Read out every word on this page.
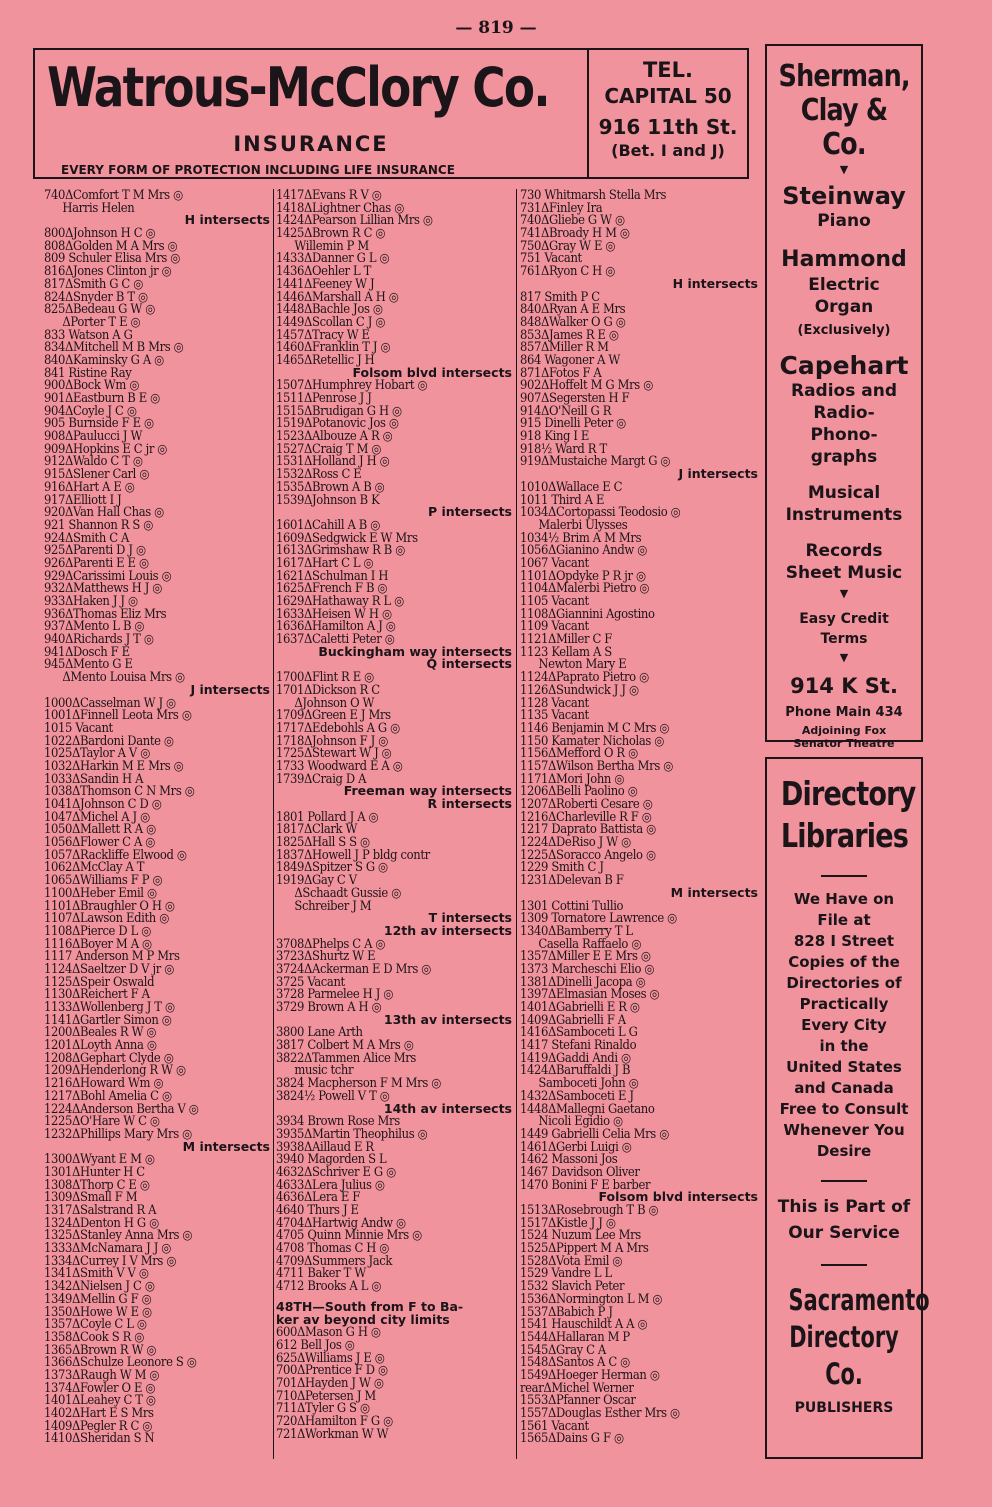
— 819 —
Watrous-McClory Co.
INSURANCE
EVERY FORM OF PROTECTION INCLUDING LIFE INSURANCE
TEL.
CAPITAL 50
916 11th St.
(Bet. I and J)
Sherman,
Clay & Co.
▼
Steinway
Piano
Hammond
Electric
Organ
(Exclusively)
Capehart
Radios and
Radio-
Phono-
graphs
Musical
Instruments
Records
Sheet Music
▼
Easy Credit
Terms
▼
914 K St.
Phone Main 434
Adjoining Fox
Senator Theatre
Directory
Libraries
We Have on
File at
828 I Street
Copies of the
Directories of
Practically
Every City
in the
United States
and Canada
Free to Consult
Whenever You
Desire
This is Part of
Our Service
Sacramento
Directory
Co.
PUBLISHERS
740ΔComfort T M Mrs ◎
Harris Helen
H intersects
800ΔJohnson H C ◎
808ΔGolden M A Mrs ◎
809 Schuler Elisa Mrs ◎
816ΔJones Clinton jr ◎
817ΔSmith G C ◎
824ΔSnyder B T ◎
825ΔBedeau G W ◎
ΔPorter T E ◎
833 Watson A G
834ΔMitchell M B Mrs ◎
840ΔKaminsky G A ◎
841 Ristine Ray
900ΔBock Wm ◎
901ΔEastburn B E ◎
904ΔCoyle J C ◎
905 Burnside F E ◎
908ΔPaulucci J W
909ΔHopkins E C jr ◎
912ΔWaldo C T ◎
915ΔSlener Carl ◎
916ΔHart A E ◎
917ΔElliott I J
920ΔVan Hall Chas ◎
921 Shannon R S ◎
924ΔSmith C A
925ΔParenti D J ◎
926ΔParenti E E ◎
929ΔCarissimi Louis ◎
932ΔMatthews H J ◎
933ΔHaken J J ◎
936ΔThomas Eliz Mrs
937ΔMento L B ◎
940ΔRichards J T ◎
941ΔDosch F E
945ΔMento G E
ΔMento Louisa Mrs ◎
J intersects
1000ΔCasselman W J ◎
1001ΔFinnell Leota Mrs ◎
1015 Vacant
1022ΔBardoni Dante ◎
1025ΔTaylor A V ◎
1032ΔHarkin M E Mrs ◎
1033ΔSandin H A
1038ΔThomson C N Mrs ◎
1041ΔJohnson C D ◎
1047ΔMichel A J ◎
1050ΔMallett R A ◎
1056ΔFlower C A ◎
1057ΔRackliffe Elwood ◎
1062ΔMcClay A T
1065ΔWilliams F P ◎
1100ΔHeber Emil ◎
1101ΔBraughler O H ◎
1107ΔLawson Edith ◎
1108ΔPierce D L ◎
1116ΔBoyer M A ◎
1117 Anderson M P Mrs
1124ΔSaeltzer D V jr ◎
1125ΔSpeir Oswald
1130ΔReichert F A
1133ΔWollenberg J T ◎
1141ΔGartler Simon ◎
1200ΔBeales R W ◎
1201ΔLoyth Anna ◎
1208ΔGephart Clyde ◎
1209ΔHenderlong R W ◎
1216ΔHoward Wm ◎
1217ΔBohl Amelia C ◎
1224ΔAnderson Bertha V ◎
1225ΔO'Hare W C ◎
1232ΔPhillips Mary Mrs ◎
M intersects
1300ΔWyant E M ◎
1301ΔHunter H C
1308ΔThorp C E ◎
1309ΔSmall F M
1317ΔSalstrand R A
1324ΔDenton H G ◎
1325ΔStanley Anna Mrs ◎
1333ΔMcNamara J J ◎
1334ΔCurrey I V Mrs ◎
1341ΔSmith V V ◎
1342ΔNielsen J C ◎
1349ΔMellin G F ◎
1350ΔHowe W E ◎
1357ΔCoyle C L ◎
1358ΔCook S R ◎
1365ΔBrown R W ◎
1366ΔSchulze Leonore S ◎
1373ΔRaugh W M ◎
1374ΔFowler O E ◎
1401ΔLeahey C T ◎
1402ΔHart E S Mrs
1409ΔPegler R C ◎
1410ΔSheridan S N
1417ΔEvans R V ◎
1418ΔLightner Chas ◎
1424ΔPearson Lillian Mrs ◎
1425ΔBrown R C ◎
Willemin P M
1433ΔDanner G L ◎
1436ΔOehler L T
1441ΔFeeney W J
1446ΔMarshall A H ◎
1448ΔBachle Jos ◎
1449ΔScollan C J ◎
1457ΔTracy W E
1460ΔFranklin T J ◎
1465ΔRetellic J H
Folsom blvd intersects
1507ΔHumphrey Hobart ◎
1511ΔPenrose J J
1515ΔBrudigan G H ◎
1519ΔPotanovic Jos ◎
1523ΔAlbouze A R ◎
1527ΔCraig T M ◎
1531ΔHolland J H ◎
1532ΔRoss C E
1535ΔBrown A B ◎
1539ΔJohnson B K
P intersects
1601ΔCahill A B ◎
1609ΔSedgwick E W Mrs
1613ΔGrimshaw R B ◎
1617ΔHart C L ◎
1621ΔSchulman I H
1625ΔFrench F B ◎
1629ΔHathaway R L ◎
1633ΔHeisen W H ◎
1636ΔHamilton A J ◎
1637ΔCaletti Peter ◎
Buckingham way intersects
Q intersects
1700ΔFlint R E ◎
1701ΔDickson R C
ΔJohnson O W
1709ΔGreen E J Mrs
1717ΔEdebohls A G ◎
1718ΔJohnson F J ◎
1725ΔStewart W J ◎
1733 Woodward E A ◎
1739ΔCraig D A
Freeman way intersects
R intersects
1801 Pollard J A ◎
1817ΔClark W
1825ΔHall S S ◎
1837ΔHowell J P bldg contr
1849ΔSpitzer S G ◎
1919ΔGay C V
ΔSchaadt Gussie ◎
Schreiber J M
T intersects
12th av intersects
3708ΔPhelps C A ◎
3723ΔShurtz W E
3724ΔAckerman E D Mrs ◎
3725 Vacant
3728 Parmelee H J ◎
3729 Brown A H ◎
13th av intersects
3800 Lane Arth
3817 Colbert M A Mrs ◎
3822ΔTammen Alice Mrs
music tchr
3824 Macpherson F M Mrs ◎
3824½ Powell V T ◎
14th av intersects
3934 Brown Rose Mrs
3935ΔMartin Theophilus ◎
3938ΔAillaud E R
3940 Magorden S L
4632ΔSchriver E G ◎
4633ΔLera Julius ◎
4636ΔLera E F
4640 Thurs J E
4704ΔHartwig Andw ◎
4705 Quinn Minnie Mrs ◎
4708 Thomas C H ◎
4709ΔSummers Jack
4711 Baker T W
4712 Brooks A L ◎
48TH—South from F to Ba-
ker av beyond city limits
600ΔMason G H ◎
612 Bell Jos ◎
625ΔWilliams J E ◎
700ΔPrentice F D ◎
701ΔHayden J W ◎
710ΔPetersen J M
711ΔTyler G S ◎
720ΔHamilton F G ◎
721ΔWorkman W W
730 Whitmarsh Stella Mrs
731ΔFinley Ira
740ΔGliebe G W ◎
741ΔBroady H M ◎
750ΔGray W E ◎
751 Vacant
761ΔRyon C H ◎
H intersects
817 Smith P C
840ΔRyan A E Mrs
848ΔWalker O G ◎
853ΔJames R E ◎
857ΔMiller R M
864 Wagoner A W
871ΔFotos F A
902ΔHoffelt M G Mrs ◎
907ΔSegersten H F
914ΔO'Neill G R
915 Dinelli Peter ◎
918 King I E
918½ Ward R T
919ΔMustaiche Margt G ◎
J intersects
1010ΔWallace E C
1011 Third A E
1034ΔCortopassi Teodosio ◎
Malerbi Ulysses
1034½ Brim A M Mrs
1056ΔGianino Andw ◎
1067 Vacant
1101ΔOpdyke P R jr ◎
1104ΔMalerbi Pietro ◎
1105 Vacant
1108ΔGiannini Agostino
1109 Vacant
1121ΔMiller C F
1123 Kellam A S
Newton Mary E
1124ΔPaprato Pietro ◎
1126ΔSundwick J J ◎
1128 Vacant
1135 Vacant
1146 Benjamin M C Mrs ◎
1150 Kamater Nicholas ◎
1156ΔMefford O R ◎
1157ΔWilson Bertha Mrs ◎
1171ΔMori John ◎
1206ΔBelli Paolino ◎
1207ΔRoberti Cesare ◎
1216ΔCharleville R F ◎
1217 Daprato Battista ◎
1224ΔDeRiso J W ◎
1225ΔSoracco Angelo ◎
1229 Smith C J
1231ΔDelevan B F
M intersects
1301 Cottini Tullio
1309 Tornatore Lawrence ◎
1340ΔBamberry T L
Casella Raffaelo ◎
1357ΔMiller E E Mrs ◎
1373 Marcheschi Elio ◎
1381ΔDinelli Jacopa ◎
1397ΔElmasian Moses ◎
1401ΔGabrielli E R ◎
1409ΔGabrielli F A
1416ΔSamboceti L G
1417 Stefani Rinaldo
1419ΔGaddi Andi ◎
1424ΔBaruffaldi J B
Samboceti John ◎
1432ΔSamboceti E J
1448ΔMallegni Gaetano
Nicoli Egidio ◎
1449 Gabrielli Celia Mrs ◎
1461ΔGerbi Luigi ◎
1462 Massoni Jos
1467 Davidson Oliver
1470 Bonini F E barber
Folsom blvd intersects
1513ΔRosebrough T B ◎
1517ΔKistle J J ◎
1524 Nuzum Lee Mrs
1525ΔPippert M A Mrs
1528ΔVota Emil ◎
1529 Vandre L L
1532 Slavich Peter
1536ΔNormington L M ◎
1537ΔBabich P J
1541 Hauschildt A A ◎
1544ΔHallaran M P
1545ΔGray C A
1548ΔSantos A C ◎
1549ΔHoeger Herman ◎
rearΔMichel Werner
1553ΔPfanner Oscar
1557ΔDouglas Esther Mrs ◎
1561 Vacant
1565ΔDains G F ◎
